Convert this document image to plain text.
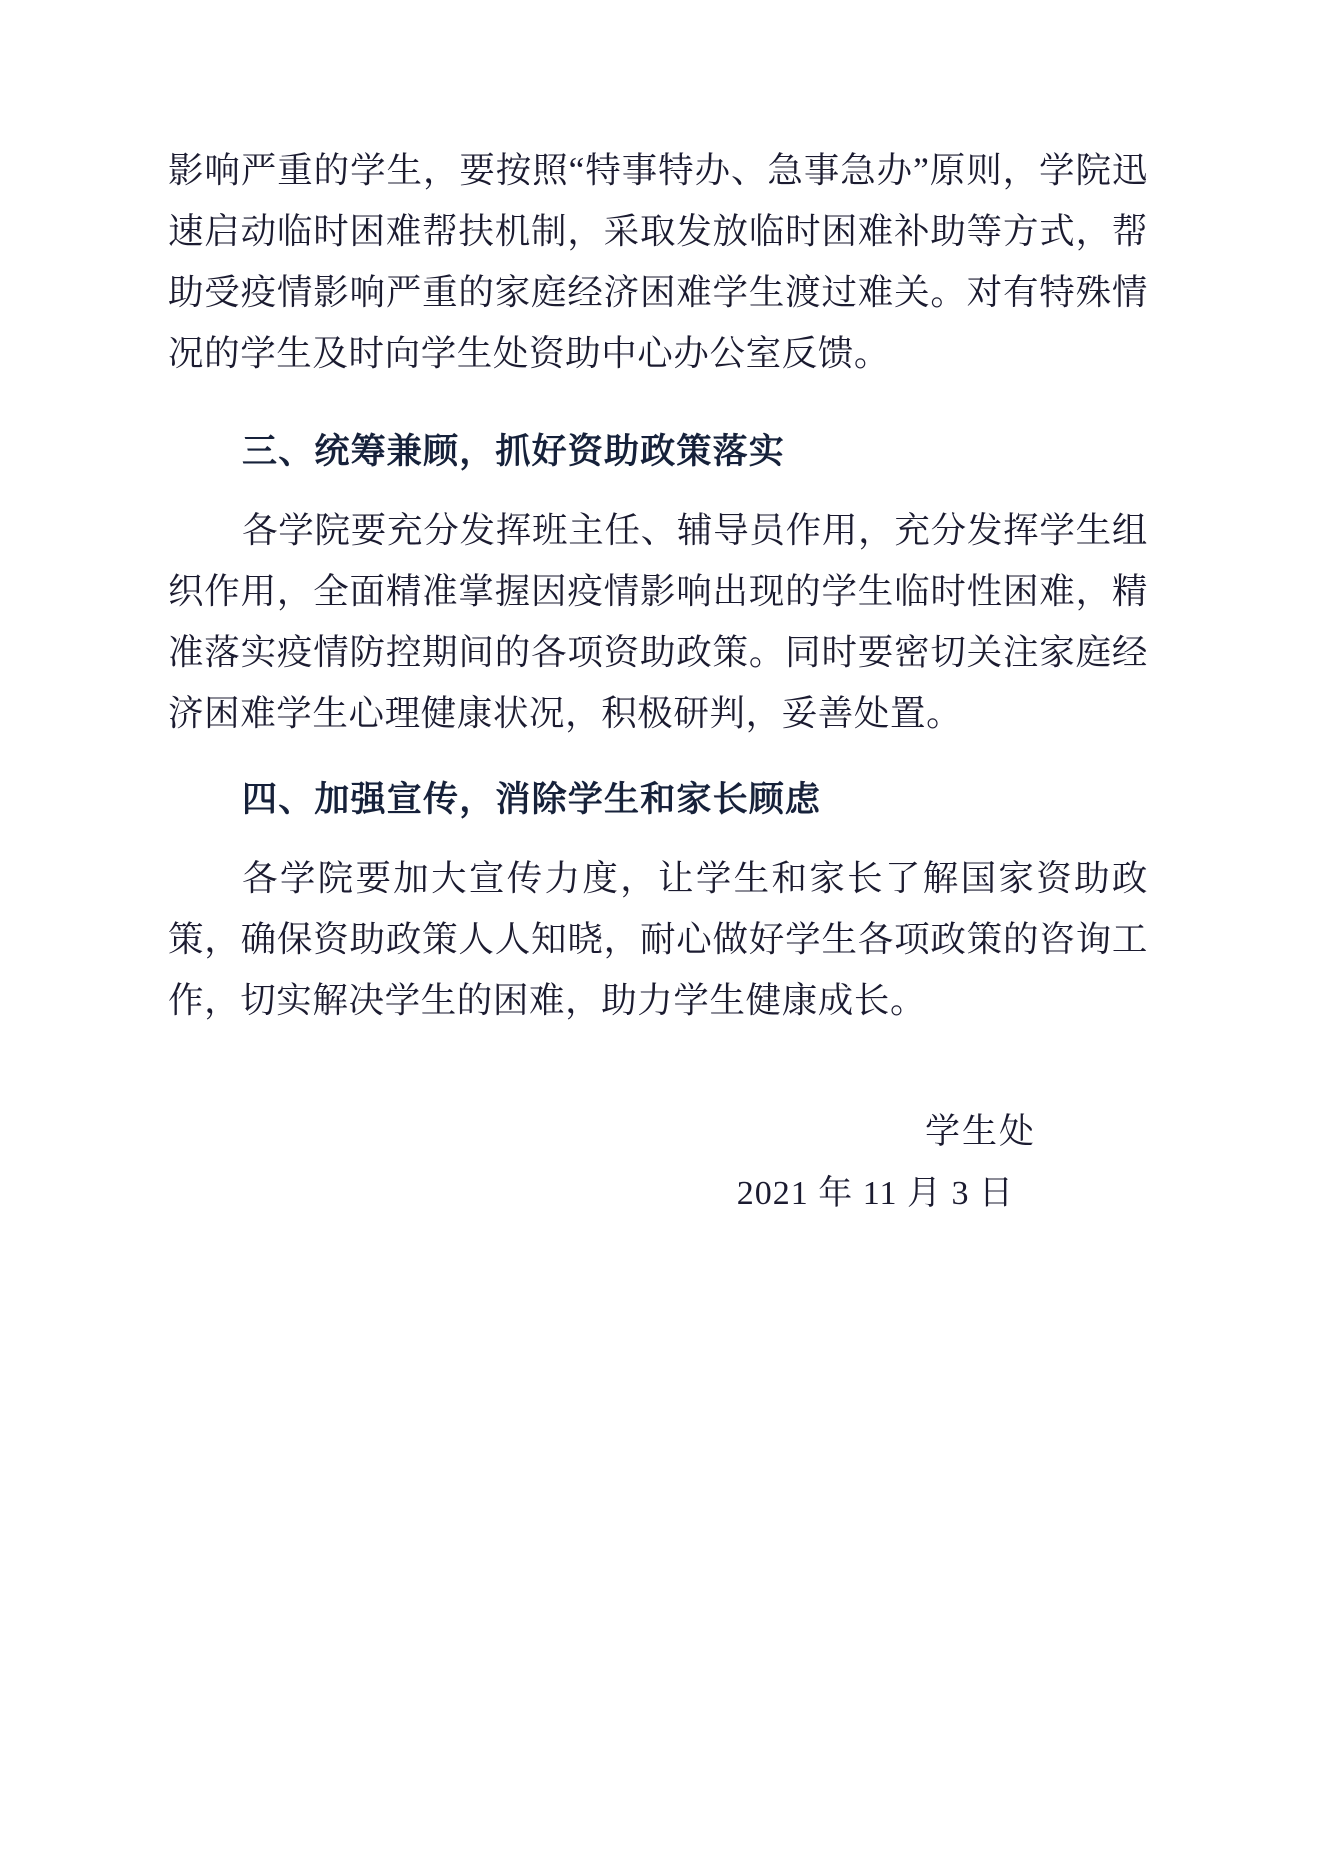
影响严重的学生，要按照“特事特办、急事急办”原则，学院迅速启动临时困难帮扶机制，采取发放临时困难补助等方式，帮助受疫情影响严重的家庭经济困难学生渡过难关。对有特殊情况的学生及时向学生处资助中心办公室反馈。

三、统筹兼顾，抓好资助政策落实

各学院要充分发挥班主任、辅导员作用，充分发挥学生组织作用，全面精准掌握因疫情影响出现的学生临时性困难，精准落实疫情防控期间的各项资助政策。同时要密切关注家庭经济困难学生心理健康状况，积极研判，妥善处置。

四、加强宣传，消除学生和家长顾虑

各学院要加大宣传力度，让学生和家长了解国家资助政策，确保资助政策人人知晓，耐心做好学生各项政策的咨询工作，切实解决学生的困难，助力学生健康成长。

学生处
2021 年 11 月 3 日
